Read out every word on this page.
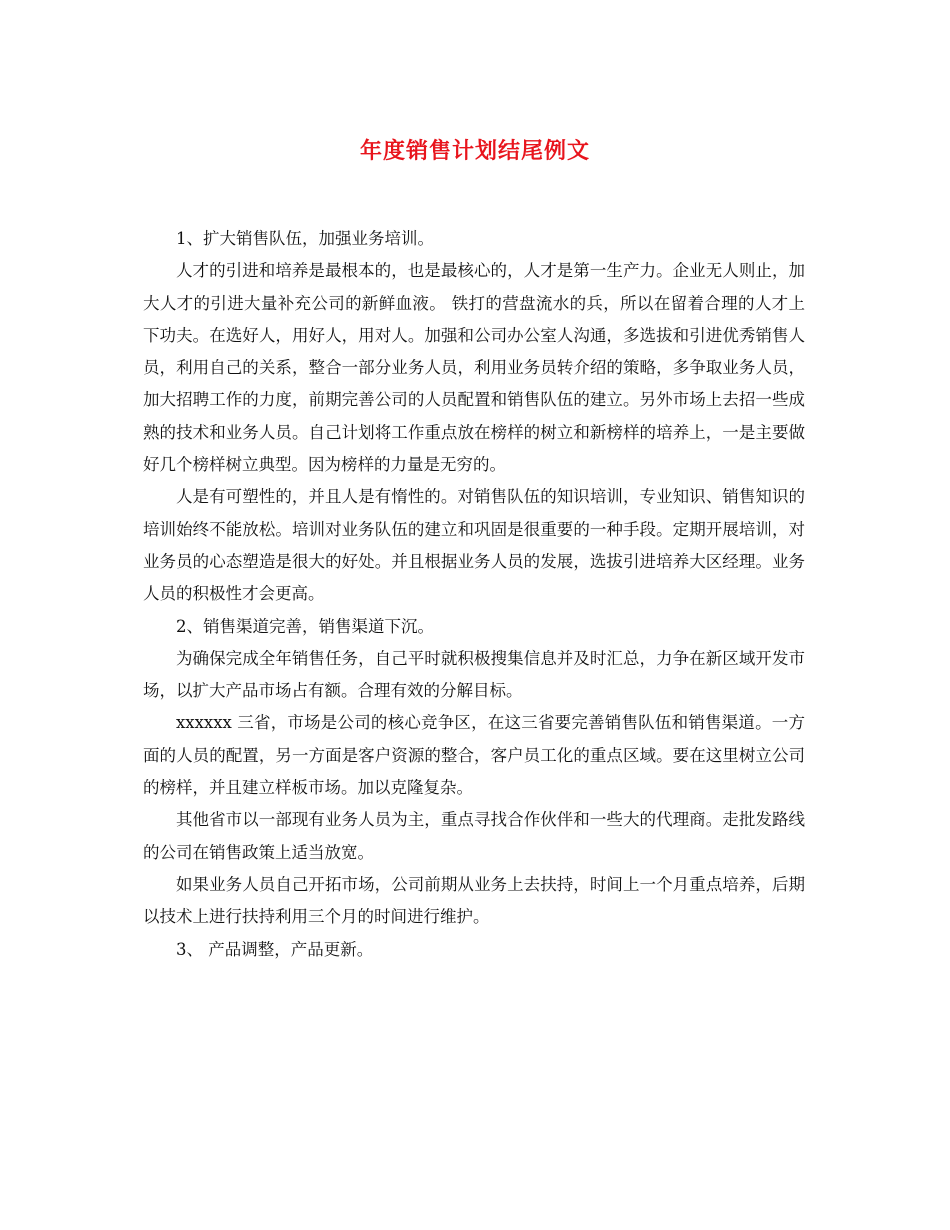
年度销售计划结尾例文

1、扩大销售队伍，加强业务培训。

人才的引进和培养是最根本的，也是最核心的，人才是第一生产力。企业无人则止，加大人才的引进大量补充公司的新鲜血液。 铁打的营盘流水的兵，所以在留着合理的人才上下功夫。在选好人，用好人，用对人。加强和公司办公室人沟通，多选拔和引进优秀销售人员，利用自己的关系，整合一部分业务人员，利用业务员转介绍的策略，多争取业务人员，加大招聘工作的力度，前期完善公司的人员配置和销售队伍的建立。另外市场上去招一些成熟的技术和业务人员。自己计划将工作重点放在榜样的树立和新榜样的培养上，一是主要做好几个榜样树立典型。因为榜样的力量是无穷的。

人是有可塑性的，并且人是有惰性的。对销售队伍的知识培训，专业知识、销售知识的培训始终不能放松。培训对业务队伍的建立和巩固是很重要的一种手段。定期开展培训，对业务员的心态塑造是很大的好处。并且根据业务人员的发展，选拔引进培养大区经理。业务人员的积极性才会更高。

2、销售渠道完善，销售渠道下沉。

为确保完成全年销售任务，自己平时就积极搜集信息并及时汇总，力争在新区域开发市场，以扩大产品市场占有额。合理有效的分解目标。

xxxxxx 三省，市场是公司的核心竞争区，在这三省要完善销售队伍和销售渠道。一方面的人员的配置，另一方面是客户资源的整合，客户员工化的重点区域。要在这里树立公司的榜样，并且建立样板市场。加以克隆复杂。

其他省市以一部现有业务人员为主，重点寻找合作伙伴和一些大的代理商。走批发路线的公司在销售政策上适当放宽。

如果业务人员自己开拓市场，公司前期从业务上去扶持，时间上一个月重点培养，后期以技术上进行扶持利用三个月的时间进行维护。

3、 产品调整，产品更新。
